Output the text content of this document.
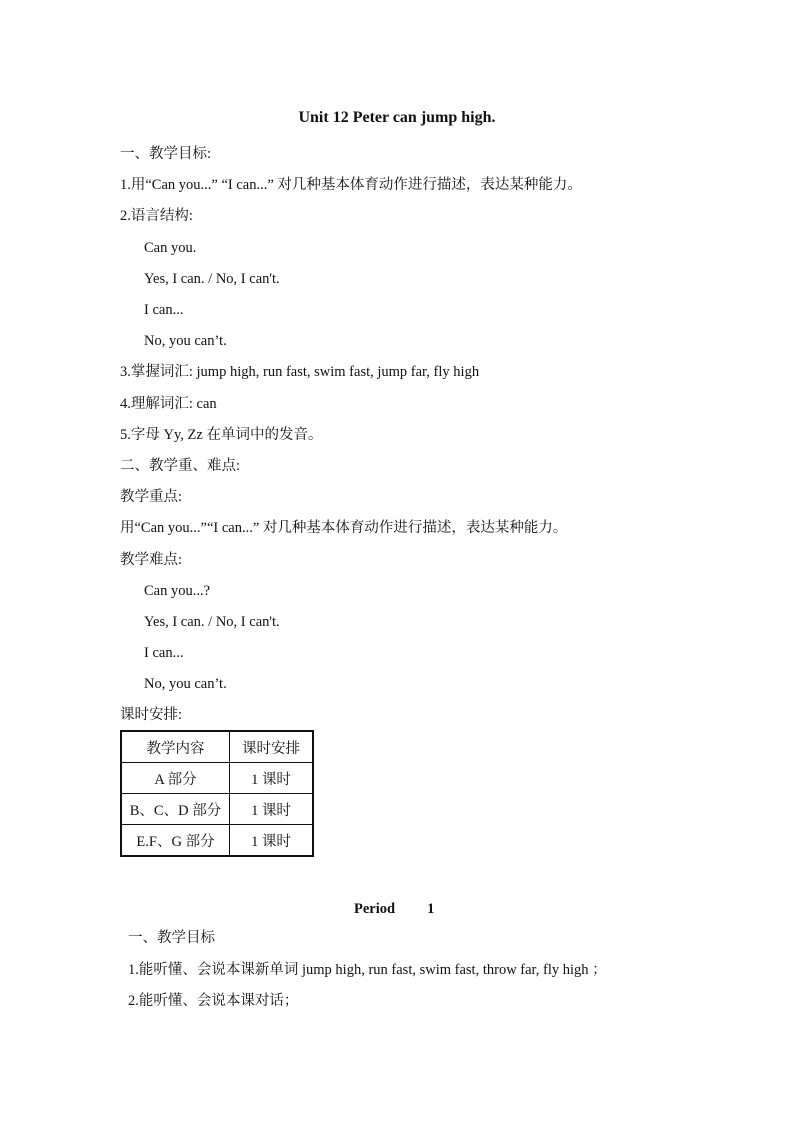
Unit 12 Peter can jump high.
一、教学目标:
1.用“Can you...” “I can...” 对几种基本体育动作进行描述，表达某种能力。
2.语言结构:
Can you.
Yes, I can. / No, I can't.
I can...
No, you can’t.
3.掌握词汇: jump high, run fast, swim fast, jump far, fly high
4.理解词汇: can
5.字母 Yy, Zz 在单词中的发音。
二、教学重、难点:
教学重点:
用“Can you...”“I can...” 对几种基本体育动作进行描述，表达某种能力。
教学难点:
Can you...?
Yes, I can. / No, I can't.
I can...
No, you can’t.
课时安排:
教学内容	课时安排
A 部分	1 课时
B、C、D 部分	1 课时
E.F、G 部分	1 课时
Period 1
一、教学目标
1.能听懂、会说本课新单词 jump high, run fast, swim fast, throw far, fly high ；
2.能听懂、会说本课对话；
